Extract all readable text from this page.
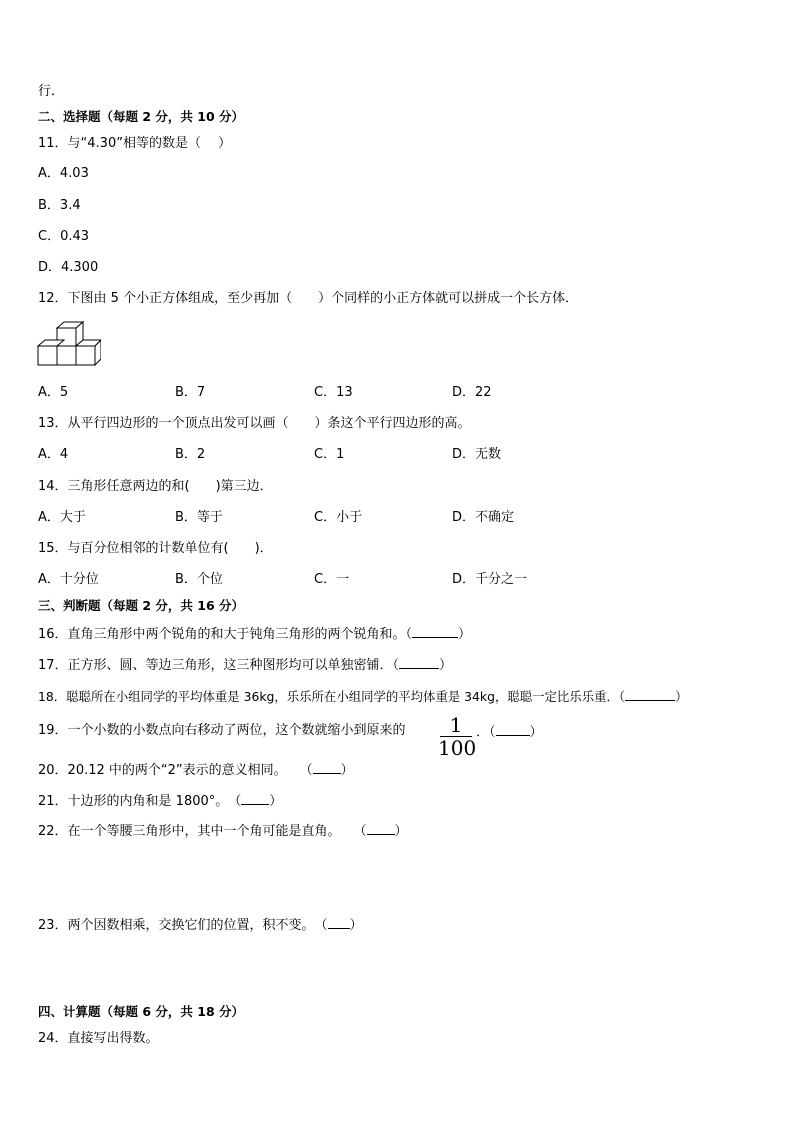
行．
二、选择题（每题 2 分，共 10 分）
11．与“4.30”相等的数是（　 ）
A．4.03
B．3.4
C．0.43
D．4.300
12．下图由 5 个小正方体组成，至少再加（　　）个同样的小正方体就可以拼成一个长方体．
A．5	B．7	C．13	D．22
13．从平行四边形的一个顶点出发可以画（　　）条这个平行四边形的高。
A．4	B．2	C．1	D．无数
14．三角形任意两边的和(　　)第三边．
A．大于	B．等于	C．小于	D．不确定
15．与百分位相邻的计数单位有(　　)．
A．十分位	B．个位	C．一	D．千分之一
三、判断题（每题 2 分，共 16 分）
16．直角三角形中两个锐角的和大于钝角三角形的两个锐角和。（	）
17．正方形、圆、等边三角形，这三种图形均可以单独密铺．（	）
18．聪聪所在小组同学的平均体重是 36kg，乐乐所在小组同学的平均体重是 34kg，聪聪一定比乐乐重．（	）
19．一个小数的小数点向右移动了两位，这个数就缩小到原来的	1
100
．（	）
20．20.12 中的两个“2”表示的意义相同。　　（ ）
21．十边形的内角和是 1800°。　（ ）
22．在一个等腰三角形中，其中一个角可能是直角。　　（ ）
23．两个因数相乘，交换它们的位置，积不变。　（ ）
四、计算题（每题 6 分，共 18 分）
24．直接写出得数。
